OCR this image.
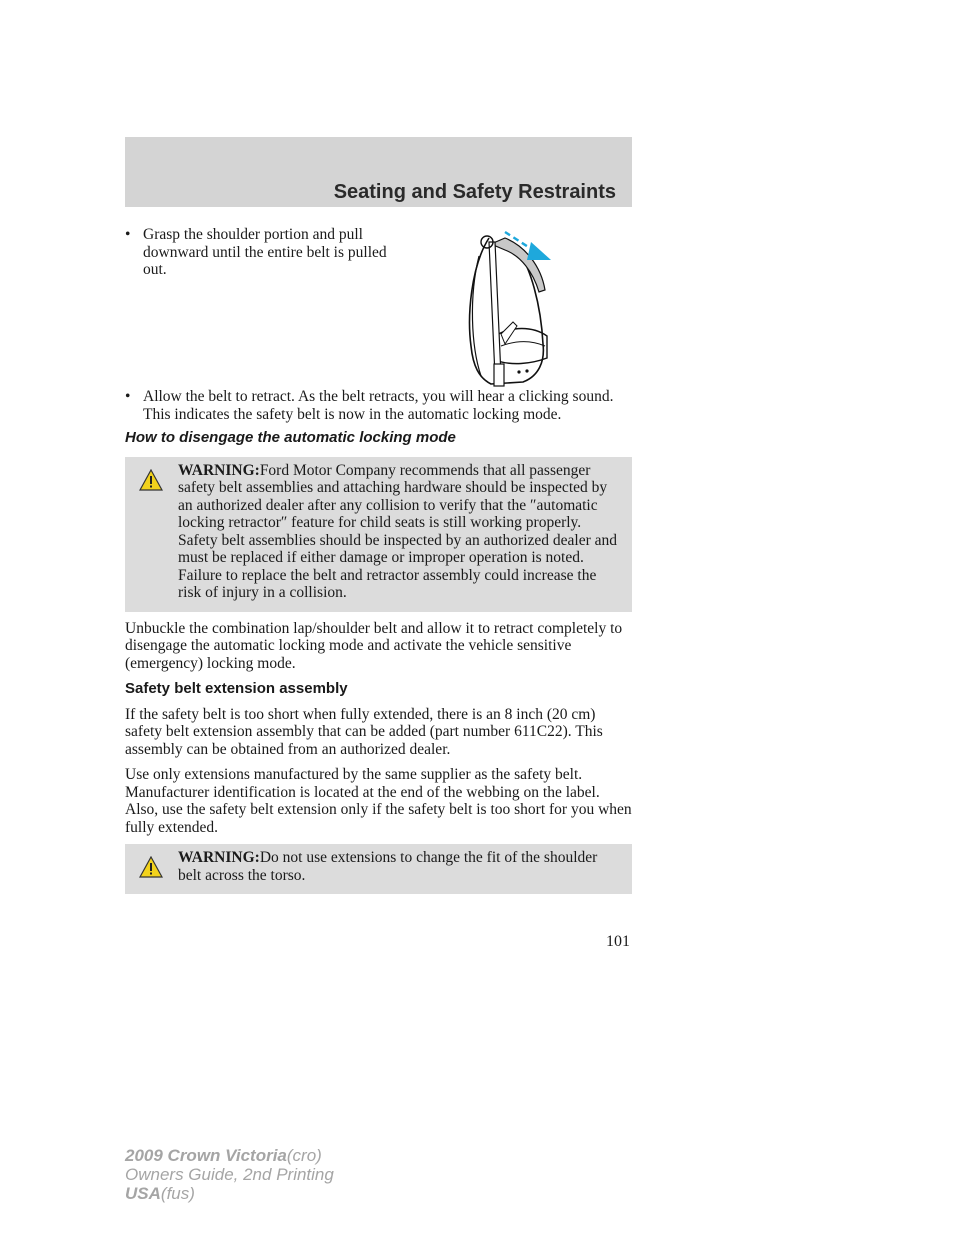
Seating and Safety Restraints
• Grasp the shoulder portion and pull downward until the entire belt is pulled out.
• Allow the belt to retract. As the belt retracts, you will hear a clicking sound. This indicates the safety belt is now in the automatic locking mode.
How to disengage the automatic locking mode
WARNING:Ford Motor Company recommends that all passenger safety belt assemblies and attaching hardware should be inspected by an authorized dealer after any collision to verify that the ″automatic locking retractor″ feature for child seats is still working properly. Safety belt assemblies should be inspected by an authorized dealer and must be replaced if either damage or improper operation is noted. Failure to replace the belt and retractor assembly could increase the risk of injury in a collision.
Unbuckle the combination lap/shoulder belt and allow it to retract completely to disengage the automatic locking mode and activate the vehicle sensitive (emergency) locking mode.
Safety belt extension assembly
If the safety belt is too short when fully extended, there is an 8 inch (20 cm) safety belt extension assembly that can be added (part number 611C22). This assembly can be obtained from an authorized dealer.
Use only extensions manufactured by the same supplier as the safety belt. Manufacturer identification is located at the end of the webbing on the label. Also, use the safety belt extension only if the safety belt is too short for you when fully extended.
WARNING:Do not use extensions to change the fit of the shoulder belt across the torso.
101
2009 Crown Victoria(cro)
Owners Guide, 2nd Printing
USA(fus)
